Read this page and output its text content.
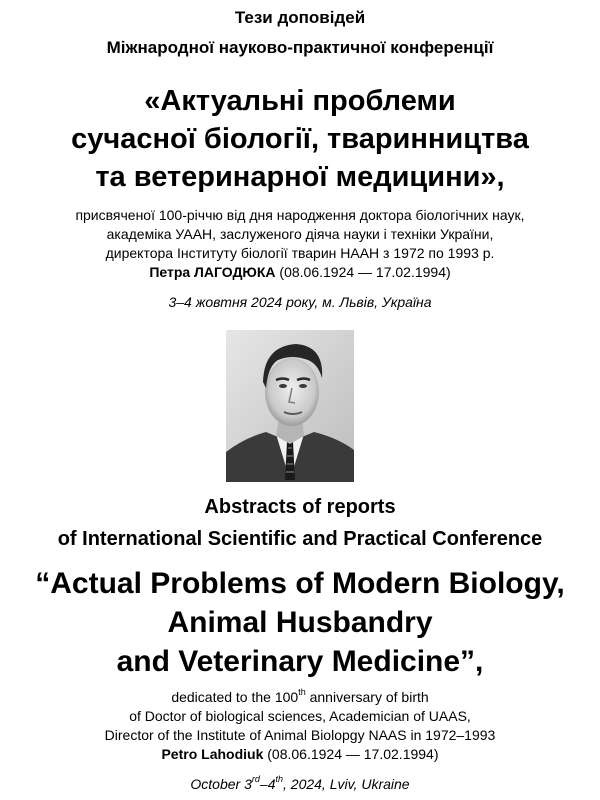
Тези доповідей
Міжнародної науково-практичної конференції
«Актуальні проблеми
сучасної біології, тваринництва
та ветеринарної медицини»,
присвяченої 100-річчю від дня народження доктора біологічних наук,
академіка УААН, заслуженого діяча науки і техніки України,
директора Інституту біології тварин НААН з 1972 по 1993 р.
Петра ЛАГОДЮКА (08.06.1924 — 17.02.1994)
3–4 жовтня 2024 року, м. Львів, Україна
Abstracts of reports
of International Scientific and Practical Conference
“Actual Problems of Modern Biology,
Animal Husbandry
and Veterinary Medicine”,
dedicated to the 100th anniversary of birth
of Doctor of biological sciences, Academician of UAAS,
Director of the Institute of Animal Biolopgy NAAS in 1972–1993
Petro Lahodiuk (08.06.1924 — 17.02.1994)
October 3rd–4th, 2024, Lviv, Ukraine
